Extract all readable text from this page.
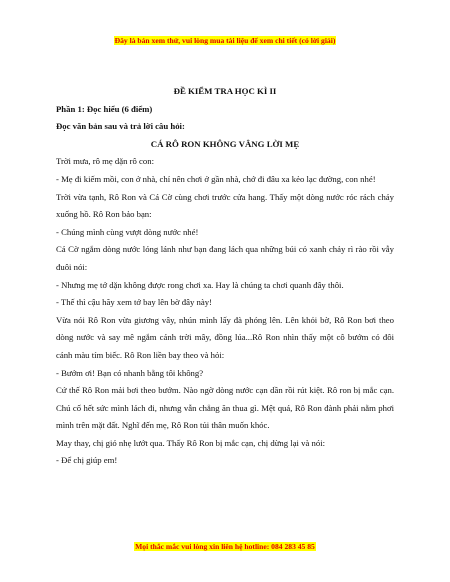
Đây là bản xem thử, vui lòng mua tài liệu để xem chi tiết (có lời giải)

ĐỀ KIỂM TRA HỌC KÌ II

Phần 1: Đọc hiểu (6 điểm)

Đọc văn bản sau và trả lời câu hỏi:

CÁ RÔ RON KHÔNG VÂNG LỜI MẸ

Trời mưa, rô mẹ dặn rô con:

- Mẹ đi kiếm mồi, con ở nhà, chỉ nên chơi ở gần nhà, chớ đi đâu xa kẻo lạc đường, con nhé!

Trời vừa tạnh, Rô Ron và Cá Cờ cùng chơi trước cửa hang. Thấy một dòng nước róc rách chảy xuống hồ. Rô Ron bảo bạn:

- Chúng mình cùng vượt dòng nước nhé!

Cá Cờ ngắm dòng nước lóng lánh như bạn đang lách qua những búi cỏ xanh chảy rì rào rồi vẫy đuôi nói:

- Nhưng mẹ tớ dặn không được rong chơi xa. Hay là chúng ta chơi quanh đây thôi.

- Thế thì cậu hãy xem tớ bay lên bờ đây này!

Vừa nói Rô Ron vừa giương vây, nhún mình lấy đà phóng lên. Lên khỏi bờ, Rô Ron bơi theo dòng nước và say mê ngắm cánh trời mây, đồng lúa...Rô Ron nhìn thấy một cô bướm có đôi cánh màu tím biếc. Rô Ron liền bay theo và hỏi:

- Bướm ơi! Bạn có nhanh bằng tôi không?

Cứ thế Rô Ron mải bơi theo bướm. Nào ngờ dòng nước cạn dần rồi rút kiệt. Rô ron bị mắc cạn. Chú cố hết sức mình lách đi, nhưng vẫn chẳng ăn thua gì. Mệt quá, Rô Ron đành phải nằm phơi mình trên mặt đất. Nghĩ đến mẹ, Rô Ron tủi thân muốn khóc.

May thay, chị gió nhẹ lướt qua. Thấy Rô Ron bị mắc cạn, chị dừng lại và nói:

- Để chị giúp em!

Mọi thắc mắc vui lòng xin liên hệ hotline: 084 283 45 85
